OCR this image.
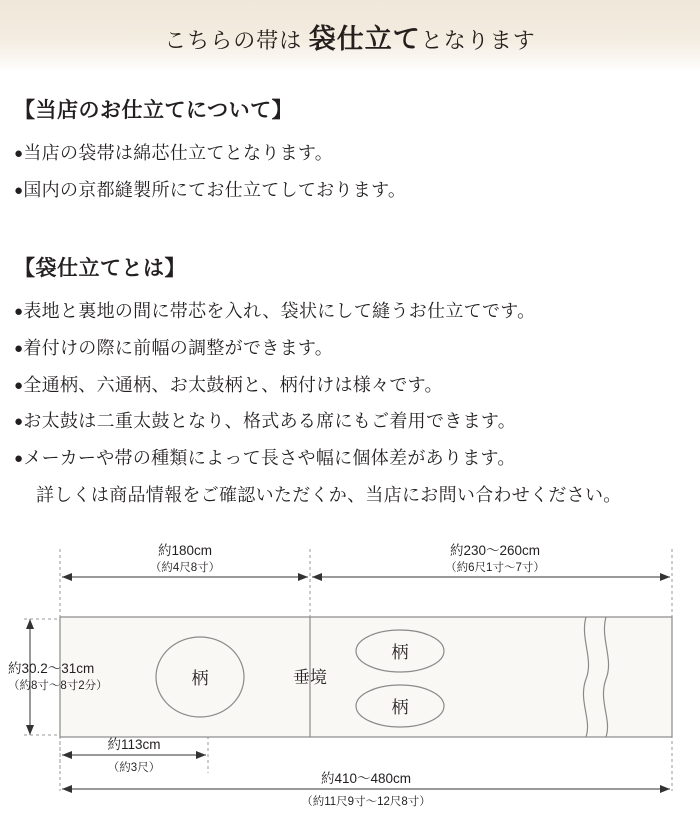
こちらの帯は 袋仕立てとなります
【当店のお仕立てについて】

●当店の袋帯は綿芯仕立てとなります。

●国内の京都縫製所にてお仕立てしております。

【袋仕立てとは】

●表地と裏地の間に帯芯を入れ、袋状にして縫うお仕立てです。

●着付けの際に前幅の調整ができます。

●全通柄、六通柄、お太鼓柄と、柄付けは様々です。

●お太鼓は二重太鼓となり、格式ある席にもご着用できます。

●メーカーや帯の種類によって長さや幅に個体差があります。

詳しくは商品情報をご確認いただくか、当店にお問い合わせください。

約180cm
（約4尺8寸）
約230〜260cm
（約6尺1寸〜7寸）
柄	垂境
柄
柄
約30.2〜31cm
（約8寸〜8寸2分）
約113cm
（約3尺）
約410〜480cm
（約11尺9寸〜12尺8寸）
